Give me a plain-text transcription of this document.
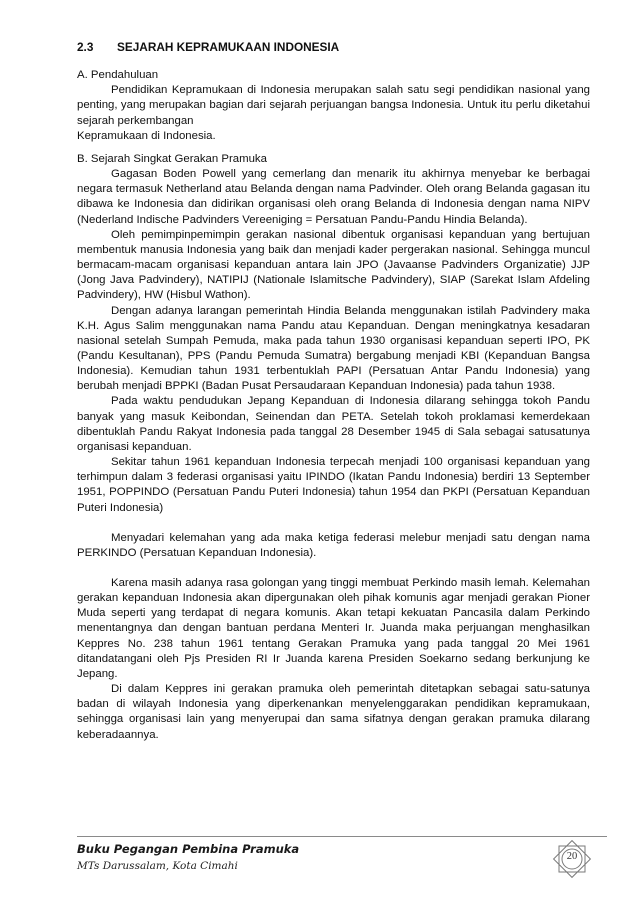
2.3	SEJARAH KEPRAMUKAAN INDONESIA
A. Pendahuluan

Pendidikan Kepramukaan di Indonesia merupakan salah satu segi pendidikan nasional yang penting, yang merupakan bagian dari sejarah perjuangan bangsa Indonesia. Untuk itu perlu diketahui sejarah perkembangan

Kepramukaan di Indonesia.

B. Sejarah Singkat Gerakan Pramuka

Gagasan Boden Powell yang cemerlang dan menarik itu akhirnya menyebar ke berbagai negara termasuk Netherland atau Belanda dengan nama Padvinder. Oleh orang Belanda gagasan itu dibawa ke Indonesia dan didirikan organisasi oleh orang Belanda di Indonesia dengan nama NIPV (Nederland Indische Padvinders Vereeniging = Persatuan Pandu-Pandu Hindia Belanda).

Oleh pemimpinpemimpin gerakan nasional dibentuk organisasi kepanduan yang bertujuan membentuk manusia Indonesia yang baik dan menjadi kader pergerakan nasional. Sehingga muncul bermacam-macam organisasi kepanduan antara lain JPO (Javaanse Padvinders Organizatie) JJP (Jong Java Padvindery), NATIPIJ (Nationale Islamitsche Padvindery), SIAP (Sarekat Islam Afdeling Padvindery), HW (Hisbul Wathon).

Dengan adanya larangan pemerintah Hindia Belanda menggunakan istilah Padvindery maka K.H. Agus Salim menggunakan nama Pandu atau Kepanduan. Dengan meningkatnya kesadaran nasional setelah Sumpah Pemuda, maka pada tahun 1930 organisasi kepanduan seperti IPO, PK (Pandu Kesultanan), PPS (Pandu Pemuda Sumatra) bergabung menjadi KBI (Kepanduan Bangsa Indonesia). Kemudian tahun 1931 terbentuklah PAPI (Persatuan Antar Pandu Indonesia) yang berubah menjadi BPPKI (Badan Pusat Persaudaraan Kepanduan Indonesia) pada tahun 1938.

Pada waktu pendudukan Jepang Kepanduan di Indonesia dilarang sehingga tokoh Pandu banyak yang masuk Keibondan, Seinendan dan PETA. Setelah tokoh proklamasi kemerdekaan dibentuklah Pandu Rakyat Indonesia pada tanggal 28 Desember 1945 di Sala sebagai satusatunya organisasi kepanduan.

Sekitar tahun 1961 kepanduan Indonesia terpecah menjadi 100 organisasi kepanduan yang terhimpun dalam 3 federasi organisasi yaitu IPINDO (Ikatan Pandu Indonesia) berdiri 13 September 1951, POPPINDO (Persatuan Pandu Puteri Indonesia) tahun 1954 dan PKPI (Persatuan Kepanduan Puteri Indonesia)

Menyadari kelemahan yang ada maka ketiga federasi melebur menjadi satu dengan nama PERKINDO (Persatuan Kepanduan Indonesia).

Karena masih adanya rasa golongan yang tinggi membuat Perkindo masih lemah. Kelemahan gerakan kepanduan Indonesia akan dipergunakan oleh pihak komunis agar menjadi gerakan Pioner Muda seperti yang terdapat di negara komunis. Akan tetapi kekuatan Pancasila dalam Perkindo menentangnya dan dengan bantuan perdana Menteri Ir. Juanda maka perjuangan menghasilkan Keppres No. 238 tahun 1961 tentang Gerakan Pramuka yang pada tanggal 20 Mei 1961 ditandatangani oleh Pjs Presiden RI Ir Juanda karena Presiden Soekarno sedang berkunjung ke Jepang.

Di dalam Keppres ini gerakan pramuka oleh pemerintah ditetapkan sebagai satu-satunya badan di wilayah Indonesia yang diperkenankan menyelenggarakan pendidikan kepramukaan, sehingga organisasi lain yang menyerupai dan sama sifatnya dengan gerakan pramuka dilarang keberadaannya.

Buku Pegangan Pembina Pramuka
MTs Darussalam, Kota Cimahi
20
